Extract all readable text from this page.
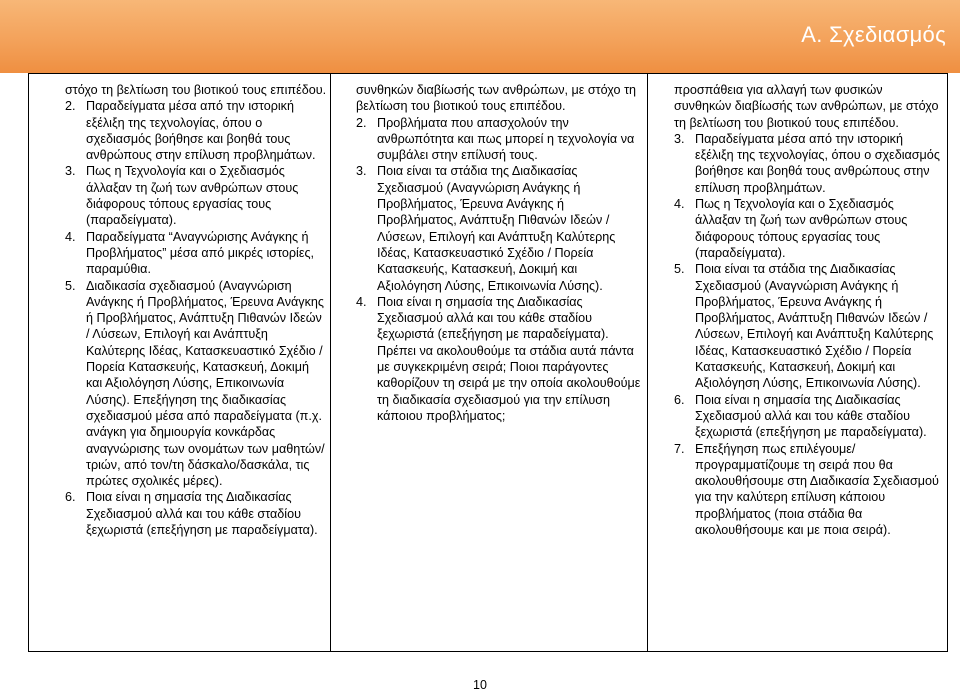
Α. Σχεδιασμός

στόχο τη βελτίωση του βιοτικού τους επιπέδου.

2. Παραδείγματα μέσα από την ιστορική εξέλιξη της τεχνολογίας, όπου ο σχεδιασμός βοήθησε και βοηθά τους ανθρώπους στην επίλυση προβλημάτων.
3. Πως η Τεχνολογία και ο Σχεδιασμός άλλαξαν τη ζωή των ανθρώπων στους διάφορους τόπους εργασίας τους (παραδείγματα).
4. Παραδείγματα “Αναγνώρισης Ανάγκης ή Προβλήματος” μέσα από μικρές ιστορίες, παραμύθια.
5. Διαδικασία σχεδιασμού (Αναγνώριση Ανάγκης ή Προβλήματος, Έρευνα Ανάγκης ή Προβλήματος, Ανάπτυξη Πιθανών Ιδεών / Λύσεων, Επιλογή και Ανάπτυξη Καλύτερης Ιδέας, Κατασκευαστικό Σχέδιο / Πορεία Κατασκευής, Κατασκευή, Δοκιμή και Αξιολόγηση Λύσης, Επικοινωνία Λύσης). Επεξήγηση της διαδικασίας σχεδιασμού μέσα από παραδείγματα (π.χ. ανάγκη για δημιουργία κονκάρδας αναγνώρισης των ονομάτων των μαθητών/τριών, από τον/τη δάσκαλο/δασκάλα, τις πρώτες σχολικές μέρες).
6. Ποια είναι η σημασία της Διαδικασίας Σχεδιασμού αλλά και του κάθε σταδίου ξεχωριστά (επεξήγηση με παραδείγματα).

συνθηκών διαβίωσής των ανθρώπων, με στόχο τη βελτίωση του βιοτικού τους επιπέδου.

2. Προβλήματα που απασχολούν την ανθρωπότητα και πως μπορεί η τεχνολογία να συμβάλει στην επίλυσή τους.
3. Ποια είναι τα στάδια της Διαδικασίας Σχεδιασμού (Αναγνώριση Ανάγκης ή Προβλήματος, Έρευνα Ανάγκης ή Προβλήματος, Ανάπτυξη Πιθανών Ιδεών / Λύσεων, Επιλογή και Ανάπτυξη Καλύτερης Ιδέας, Κατασκευαστικό Σχέδιο / Πορεία Κατασκευής, Κατασκευή, Δοκιμή και Αξιολόγηση Λύσης, Επικοινωνία Λύσης).
4. Ποια είναι η σημασία της Διαδικασίας Σχεδιασμού αλλά και του κάθε σταδίου ξεχωριστά (επεξήγηση με παραδείγματα). Πρέπει να ακολουθούμε τα στάδια αυτά πάντα με συγκεκριμένη σειρά; Ποιοι παράγοντες καθορίζουν τη σειρά με την οποία ακολουθούμε τη διαδικασία σχεδιασμού για την επίλυση κάποιου προβλήματος;

προσπάθεια για αλλαγή των φυσικών συνθηκών διαβίωσής των ανθρώπων, με στόχο τη βελτίωση του βιοτικού τους επιπέδου.

3. Παραδείγματα μέσα από την ιστορική εξέλιξη της τεχνολογίας, όπου ο σχεδιασμός βοήθησε και βοηθά τους ανθρώπους στην επίλυση προβλημάτων.
4. Πως η Τεχνολογία και ο Σχεδιασμός άλλαξαν τη ζωή των ανθρώπων στους διάφορους τόπους εργασίας τους (παραδείγματα).
5. Ποια είναι τα στάδια της Διαδικασίας Σχεδιασμού (Αναγνώριση Ανάγκης ή Προβλήματος, Έρευνα Ανάγκης ή Προβλήματος, Ανάπτυξη Πιθανών Ιδεών / Λύσεων, Επιλογή και Ανάπτυξη Καλύτερης Ιδέας, Κατασκευαστικό Σχέδιο / Πορεία Κατασκευής, Κατασκευή, Δοκιμή και Αξιολόγηση Λύσης, Επικοινωνία Λύσης).
6. Ποια είναι η σημασία της Διαδικασίας Σχεδιασμού αλλά και του κάθε σταδίου ξεχωριστά (επεξήγηση με παραδείγματα).
7. Επεξήγηση πως επιλέγουμε/ προγραμματίζουμε τη σειρά που θα ακολουθήσουμε στη Διαδικασία Σχεδιασμού για την καλύτερη επίλυση κάποιου προβλήματος (ποια στάδια θα ακολουθήσουμε και με ποια σειρά).
10
